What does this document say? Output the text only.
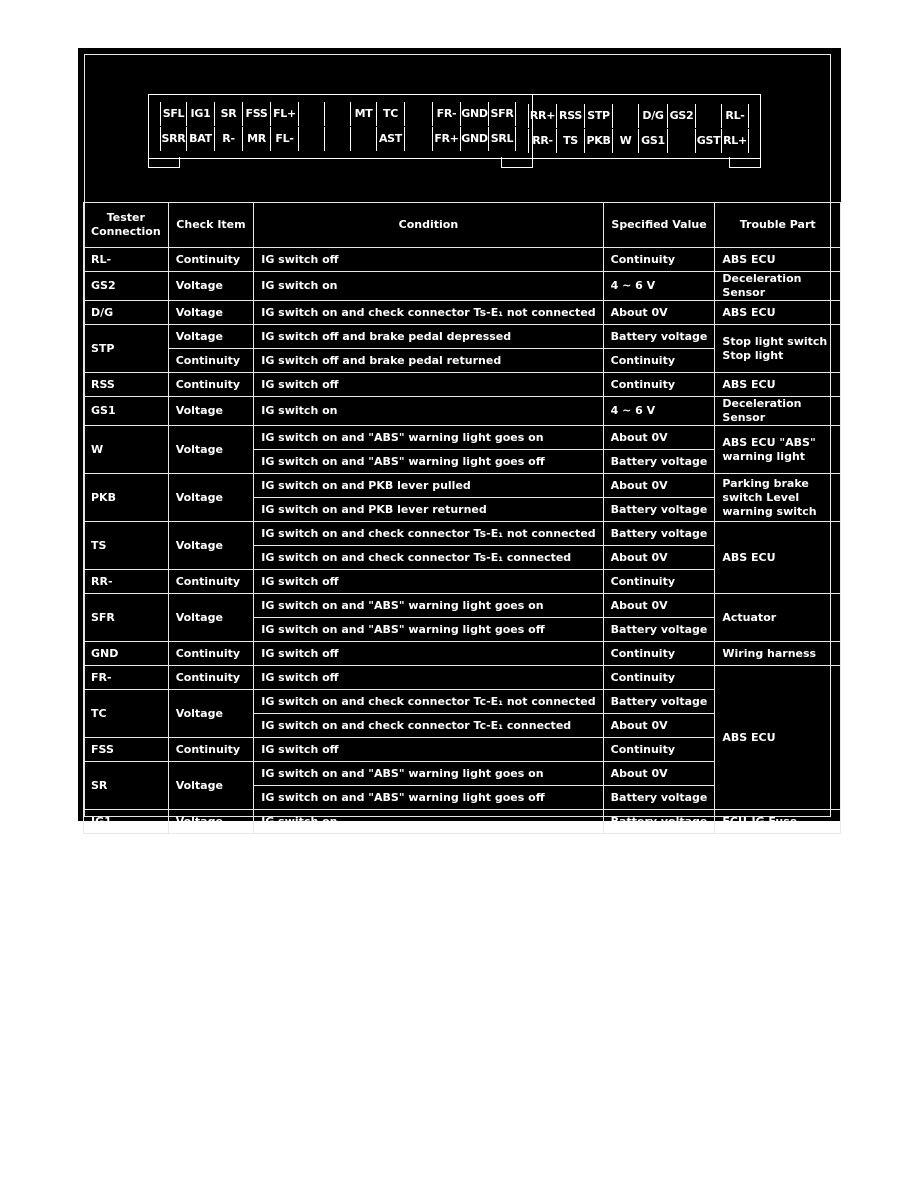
SFL IG1 SR FSS FL+	MT TC	FR- GND SFR
SRR BAT R-	MR FL-	AST	FR+ GND SRL
RR+ RSS STP	D/G GS2	RL-
RR- TS PKB W GS1	GST RL+
Tester Connection	Check Item	Condition	Specified Value	Trouble Part
RL-	Continuity	IG switch off	Continuity	ABS ECU
GS2	Voltage	IG switch on	4 ~ 6 V	Deceleration Sensor
D/G	Voltage	IG switch on and check connector Ts-E₁ not connected	About 0V	ABS ECU
STP	Voltage	IG switch off and brake pedal depressed	Battery voltage	Stop light switch Stop light
	Continuity	IG switch off and brake pedal returned	Continuity	
RSS	Continuity	IG switch off	Continuity	ABS ECU
GS1	Voltage	IG switch on	4 ~ 6 V	Deceleration Sensor
W	Voltage	IG switch on and "ABS" warning light goes on	About 0V	ABS ECU "ABS" warning light
		IG switch on and "ABS" warning light goes off	Battery voltage	
PKB	Voltage	IG switch on and PKB lever pulled	About 0V	Parking brake switch Level warning switch
		IG switch on and PKB lever returned	Battery voltage	
TS	Voltage	IG switch on and check connector Ts-E₁ not connected	Battery voltage	ABS ECU
		IG switch on and check connector Ts-E₁ connected	About 0V	
RR-	Continuity	IG switch off	Continuity	
SFR	Voltage	IG switch on and "ABS" warning light goes on	About 0V	Actuator
		IG switch on and "ABS" warning light goes off	Battery voltage	
GND	Continuity	IG switch off	Continuity	Wiring harness
FR-	Continuity	IG switch off	Continuity	ABS ECU
TC	Voltage	IG switch on and check connector Tc-E₁ not connected	Battery voltage	
		IG switch on and check connector Tc-E₁ connected	About 0V	
FSS	Continuity	IG switch off	Continuity	
SR	Voltage	IG switch on and "ABS" warning light goes on	About 0V	
		IG switch on and "ABS" warning light goes off	Battery voltage	
IG1	Voltage	IG switch on	Battery voltage	ECU-IG Fuse
